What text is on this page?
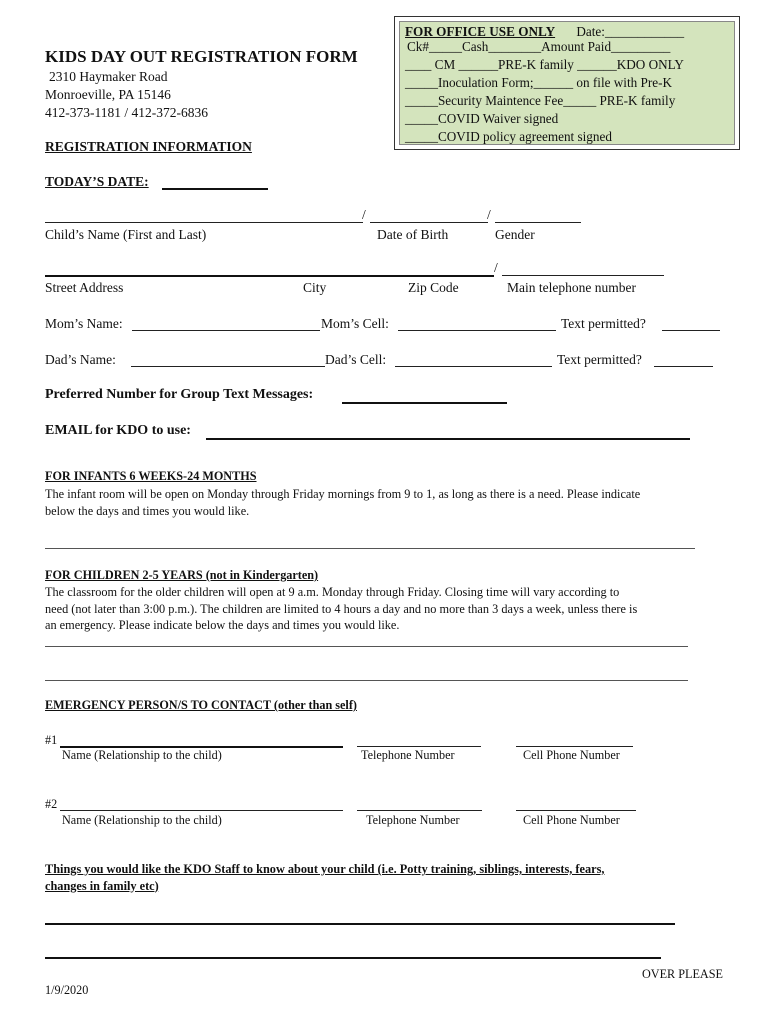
FOR OFFICE USE ONLY Date:____________
Ck#_____Cash________Amount Paid_________
____ CM ______PRE-K family ______KDO ONLY
_____Inoculation Form;______ on file with Pre-K
_____Security Maintence Fee_____ PRE-K family
_____COVID Waiver signed
_____COVID policy agreement signed
KIDS DAY OUT REGISTRATION FORM
2310 Haymaker Road
Monroeville, PA 15146
412-373-1181 / 412-372-6836
REGISTRATION INFORMATION
TODAY’S DATE:
/	/
Child’s Name (First and Last)	Date of Birth	Gender
/
Street Address	City	Zip Code	Main telephone number
Mom’s Name:	Mom’s Cell:	Text permitted?
Dad’s Name:	Dad’s Cell:	Text permitted?
Preferred Number for Group Text Messages:
EMAIL for KDO to use:
FOR INFANTS 6 WEEKS-24 MONTHS
The infant room will be open on Monday through Friday mornings from 9 to 1, as long as there is a need. Please indicate
below the days and times you would like.
FOR CHILDREN 2-5 YEARS (not in Kindergarten)
The classroom for the older children will open at 9 a.m. Monday through Friday. Closing time will vary according to
need (not later than 3:00 p.m.). The children are limited to 4 hours a day and no more than 3 days a week, unless there is
an emergency. Please indicate below the days and times you would like.
EMERGENCY PERSON/S TO CONTACT (other than self)
#1
Name (Relationship to the child)	Telephone Number	Cell Phone Number
#2
Name (Relationship to the child)	Telephone Number	Cell Phone Number
Things you would like the KDO Staff to know about your child (i.e. Potty training, siblings, interests, fears,
changes in family etc)
OVER PLEASE
1/9/2020
